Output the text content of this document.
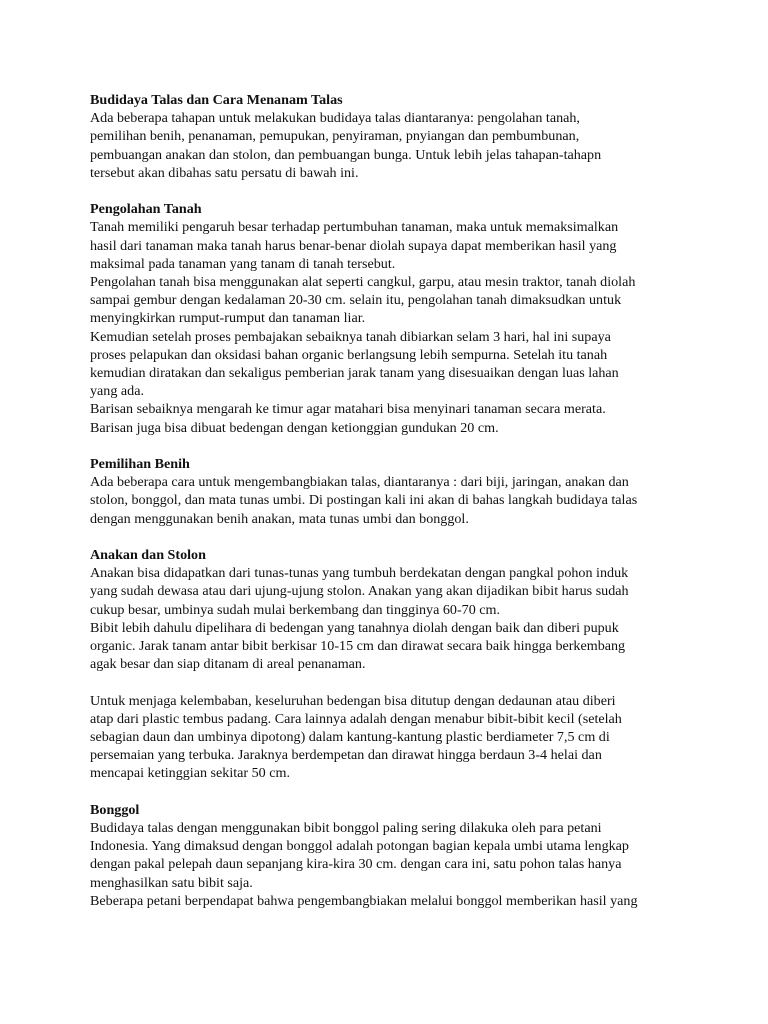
Budidaya Talas dan Cara Menanam Talas
Ada beberapa tahapan untuk melakukan budidaya talas diantaranya: pengolahan tanah,
pemilihan benih, penanaman, pemupukan, penyiraman, pnyiangan dan pembumbunan,
pembuangan anakan dan stolon, dan pembuangan bunga. Untuk lebih jelas tahapan-tahapn
tersebut akan dibahas satu persatu di bawah ini.
Pengolahan Tanah
Tanah memiliki pengaruh besar terhadap pertumbuhan tanaman, maka untuk memaksimalkan
hasil dari tanaman maka tanah harus benar-benar diolah supaya dapat memberikan hasil yang
maksimal pada tanaman yang tanam di tanah tersebut.
Pengolahan tanah bisa menggunakan alat seperti cangkul, garpu, atau mesin traktor, tanah diolah
sampai gembur dengan kedalaman 20-30 cm. selain itu, pengolahan tanah dimaksudkan untuk
menyingkirkan rumput-rumput dan tanaman liar.
Kemudian setelah proses pembajakan sebaiknya tanah dibiarkan selam 3 hari, hal ini supaya
proses pelapukan dan oksidasi bahan organic berlangsung lebih sempurna. Setelah itu tanah
kemudian diratakan dan sekaligus pemberian jarak tanam yang disesuaikan dengan luas lahan
yang ada.
Barisan sebaiknya mengarah ke timur agar matahari bisa menyinari tanaman secara merata.
Barisan juga bisa dibuat bedengan dengan ketionggian gundukan 20 cm.
Pemilihan Benih
Ada beberapa cara untuk mengembangbiakan talas, diantaranya : dari biji, jaringan, anakan dan
stolon, bonggol, dan mata tunas umbi. Di postingan kali ini akan di bahas langkah budidaya talas
dengan menggunakan benih anakan, mata tunas umbi dan bonggol.
Anakan dan Stolon
Anakan bisa didapatkan dari tunas-tunas yang tumbuh berdekatan dengan pangkal pohon induk
yang sudah dewasa atau dari ujung-ujung stolon. Anakan yang akan dijadikan bibit harus sudah
cukup besar, umbinya sudah mulai berkembang dan tingginya 60-70 cm.
Bibit lebih dahulu dipelihara di bedengan yang tanahnya diolah dengan baik dan diberi pupuk
organic. Jarak tanam antar bibit berkisar 10-15 cm dan dirawat secara baik hingga berkembang
agak besar dan siap ditanam di areal penanaman.
Untuk menjaga kelembaban, keseluruhan bedengan bisa ditutup dengan dedaunan atau diberi
atap dari plastic tembus padang. Cara lainnya adalah dengan menabur bibit-bibit kecil (setelah
sebagian daun dan umbinya dipotong) dalam kantung-kantung plastic berdiameter 7,5 cm di
persemaian yang terbuka. Jaraknya berdempetan dan dirawat hingga berdaun 3-4 helai dan
mencapai ketinggian sekitar 50 cm.
Bonggol
Budidaya talas dengan menggunakan bibit bonggol paling sering dilakuka oleh para petani
Indonesia. Yang dimaksud dengan bonggol adalah potongan bagian kepala umbi utama lengkap
dengan pakal pelepah daun sepanjang kira-kira 30 cm. dengan cara ini, satu pohon talas hanya
menghasilkan satu bibit saja.
Beberapa petani berpendapat bahwa pengembangbiakan melalui bonggol memberikan hasil yang
